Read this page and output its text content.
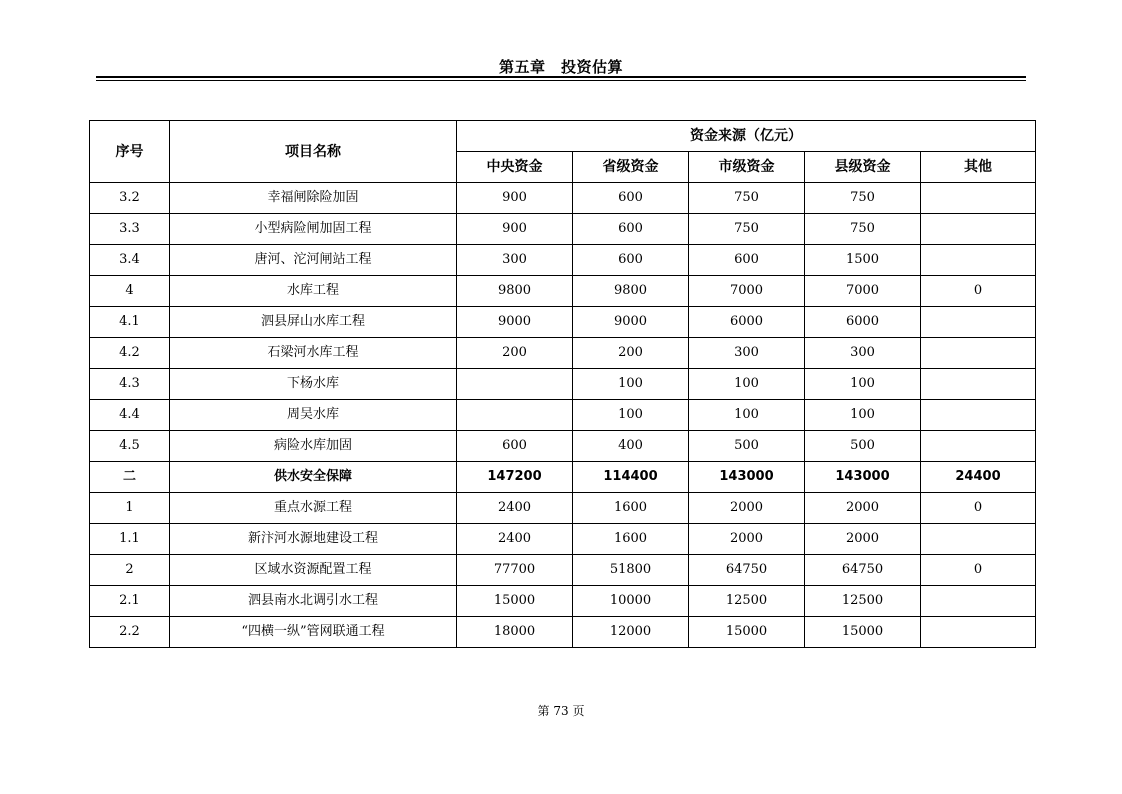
第五章　投资估算
序号	项目名称	资金来源（亿元）				
		中央资金	省级资金	市级资金	县级资金	其他
3.2	幸福闸除险加固	900	600	750	750	
3.3	小型病险闸加固工程	900	600	750	750	
3.4	唐河、沱河闸站工程	300	600	600	1500	
4	水库工程	9800	9800	7000	7000	0
4.1	泗县屏山水库工程	9000	9000	6000	6000	
4.2	石梁河水库工程	200	200	300	300	
4.3	下杨水库		100	100	100	
4.4	周吴水库		100	100	100	
4.5	病险水库加固	600	400	500	500	
二	供水安全保障	147200	114400	143000	143000	24400
1	重点水源工程	2400	1600	2000	2000	0
1.1	新汴河水源地建设工程	2400	1600	2000	2000	
2	区域水资源配置工程	77700	51800	64750	64750	0
2.1	泗县南水北调引水工程	15000	10000	12500	12500	
2.2	“四横一纵”管网联通工程	18000	12000	15000	15000	
第 73 页
